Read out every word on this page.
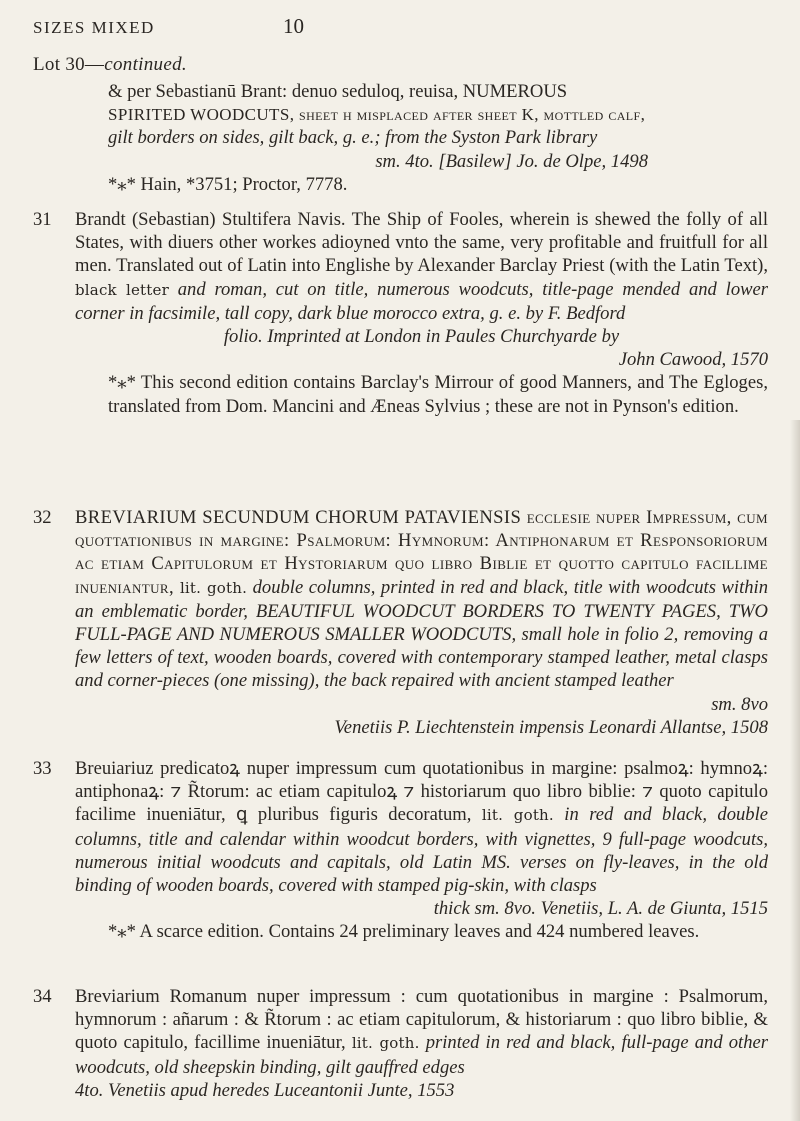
SIZES MIXED	10
Lot 30—continued.

& per Sebastianū Brant: denuo seduloq, reuisa, NUMEROUS

SPIRITED WOODCUTS, sheet h misplaced after sheet K, mottled calf,

gilt borders on sides, gilt back, g. e.; from the Syston Park library

sm. 4to. [Basilew] Jo. de Olpe, 1498

*⁎* Hain, *3751; Proctor, 7778.

31	Brandt (Sebastian) Stultifera Navis. The Ship of Fooles, wherein is shewed the folly of all States, with diuers other workes adioyned vnto the same, very profitable and fruitfull for all men. Translated out of Latin into Englishe by Alexander Barclay Priest (with the Latin Text), black letter and roman, cut on title, numerous woodcuts, title-page mended and lower corner in facsimile, tall copy, dark blue morocco extra, g. e. by F. Bedford

folio. Imprinted at London in Paules Churchyarde by

John Cawood, 1570

*⁎* This second edition contains Barclay's Mirrour of good Manners, and The Egloges, translated from Dom. Mancini and Æneas Sylvius ; these are not in Pynson's edition.

32	BREVIARIUM SECUNDUM CHORUM PATAVIENSIS ecclesie nuper Impressum, cum quottationibus in margine: Psalmorum: Hymnorum: Antiphonarum et Responsoriorum ac etiam Capitulorum et Hystoriarum quo libro Biblie et quotto capitulo facillime inueniantur, lit. goth. double columns, printed in red and black, title with woodcuts within an emblematic border, BEAUTIFUL WOODCUT BORDERS TO TWENTY PAGES, TWO FULL-PAGE AND NUMEROUS SMALLER WOODCUTS, small hole in folio 2, removing a few letters of text, wooden boards, covered with contemporary stamped leather, metal clasps and corner-pieces (one missing), the back repaired with ancient stamped leather

sm. 8vo

Venetiis P. Liechtenstein impensis Leonardi Allantse, 1508

33	Breuiariuz predicatoꝝ nuper impressum cum quotationibus in margine: psalmoꝝ: hymnoꝝ: antiphonaꝝ: ⁊ R̃torum: ac etiam capituloꝝ ⁊ historiarum quo libro biblie: ⁊ quoto capitulo facilime inueniātur, ꝗ pluribus figuris decoratum, lit. goth. in red and black, double columns, title and calendar within woodcut borders, with vignettes, 9 full-page woodcuts, numerous initial woodcuts and capitals, old Latin MS. verses on fly-leaves, in the old binding of wooden boards, covered with stamped pig-skin, with clasps

thick sm. 8vo. Venetiis, L. A. de Giunta, 1515

*⁎* A scarce edition. Contains 24 preliminary leaves and 424 numbered leaves.

34	Breviarium Romanum nuper impressum : cum quotationibus in margine : Psalmorum, hymnorum : añarum : & R̃torum : ac etiam capitulorum, & historiarum : quo libro biblie, & quoto capitulo, facillime inueniātur, lit. goth. printed in red and black, full-page and other woodcuts, old sheepskin binding, gilt gauffred edges

4to. Venetiis apud heredes Luceantonii Junte, 1553
